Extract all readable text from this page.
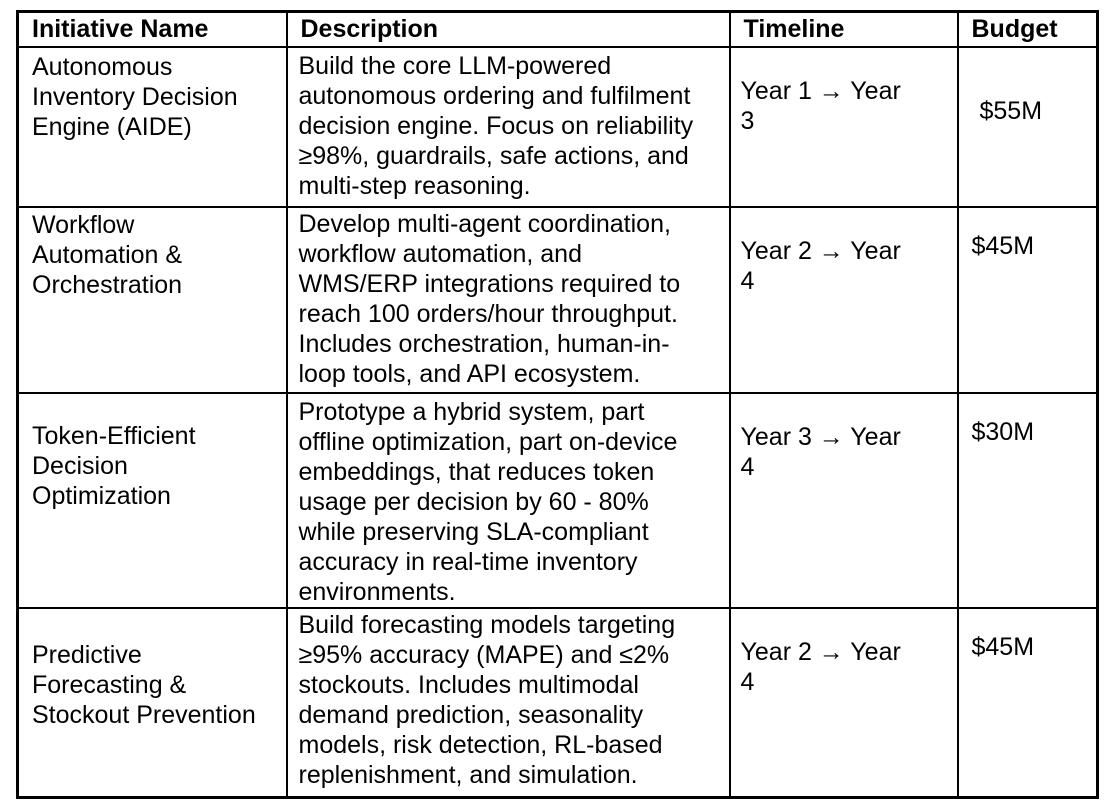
Initiative Name	Description	Timeline	Budget
Autonomous Inventory Decision Engine (AIDE)	Build the core LLM-powered autonomous ordering and fulfilment decision engine. Focus on reliability ≥98%, guardrails, safe actions, and multi-step reasoning.	Year 1 → Year 3	$55M
Workflow Automation & Orchestration	Develop multi-agent coordination, workflow automation, and WMS/ERP integrations required to reach 100 orders/hour throughput. Includes orchestration, human-in-loop tools, and API ecosystem.	Year 2 → Year 4	$45M
Token-Efficient Decision Optimization	Prototype a hybrid system, part offline optimization, part on-device embeddings, that reduces token usage per decision by 60 - 80% while preserving SLA-compliant accuracy in real-time inventory environments.	Year 3 → Year 4	$30M
Predictive Forecasting & Stockout Prevention	Build forecasting models targeting ≥95% accuracy (MAPE) and ≤2% stockouts. Includes multimodal demand prediction, seasonality models, risk detection, RL-based replenishment, and simulation.	Year 2 → Year 4	$45M
